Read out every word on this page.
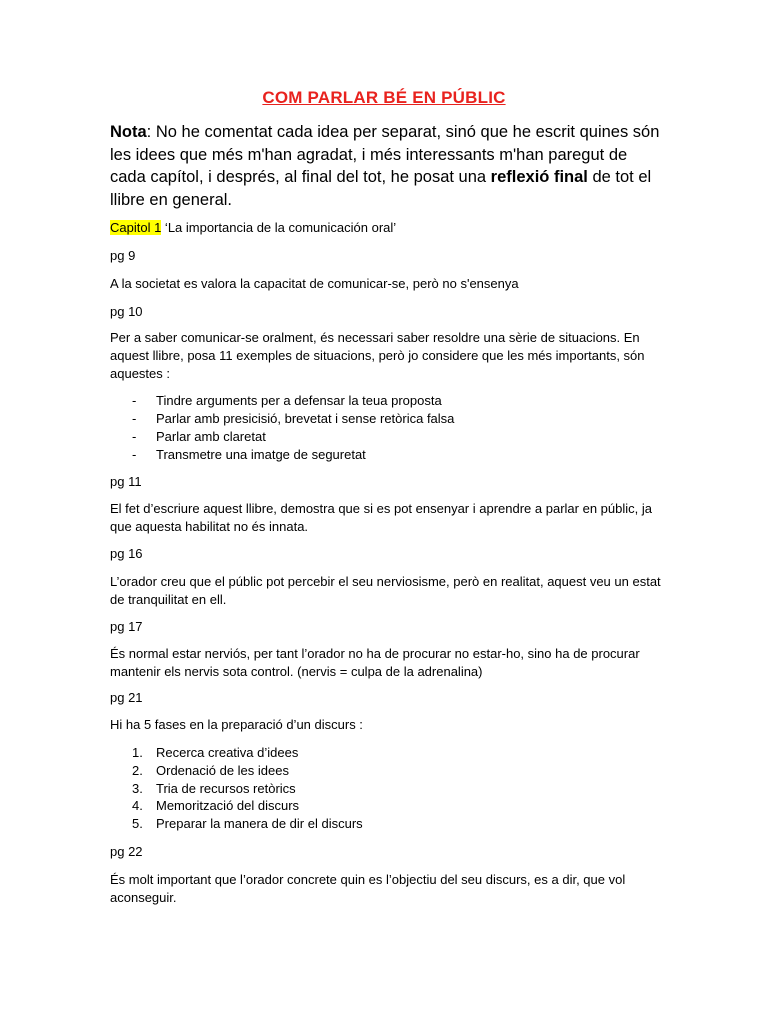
COM PARLAR BÉ EN PÚBLIC
Nota: No he comentat cada idea per separat, sinó que he escrit quines són les idees que més m'han agradat, i més interessants m'han paregut de cada capítol, i després, al final del tot, he posat una reflexió final de tot el llibre en general.
Capitol 1 ‘La importancia de la comunicación oral’
pg 9
A la societat es valora la capacitat de comunicar-se, però no s'ensenya
pg 10
Per a saber comunicar-se oralment, és necessari saber resoldre una sèrie de situacions. En aquest llibre, posa 11 exemples de situacions, però jo considere que les més importants, són aquestes :
- Tindre arguments per a defensar la teua proposta
- Parlar amb presicisió, brevetat i sense retòrica falsa
- Parlar amb claretat
- Transmetre una imatge de seguretat
pg 11
El fet d’escriure aquest llibre, demostra que si es pot ensenyar i aprendre a parlar en públic, ja que aquesta habilitat no és innata.
pg 16
L’orador creu que el públic pot percebir el seu nerviosisme, però en realitat, aquest veu un estat de tranquilitat en ell.
pg 17
És normal estar nerviós, per tant l’orador no ha de procurar no estar-ho, sino ha de procurar mantenir els nervis sota control. (nervis = culpa de la adrenalina)
pg 21
Hi ha 5 fases en la preparació d’un discurs :
1. Recerca creativa d’idees
2. Ordenació de les idees
3. Tria de recursos retòrics
4. Memorització del discurs
5. Preparar la manera de dir el discurs
pg 22
És molt important que l’orador concrete quin es l’objectiu del seu discurs, es a dir, que vol aconseguir.
